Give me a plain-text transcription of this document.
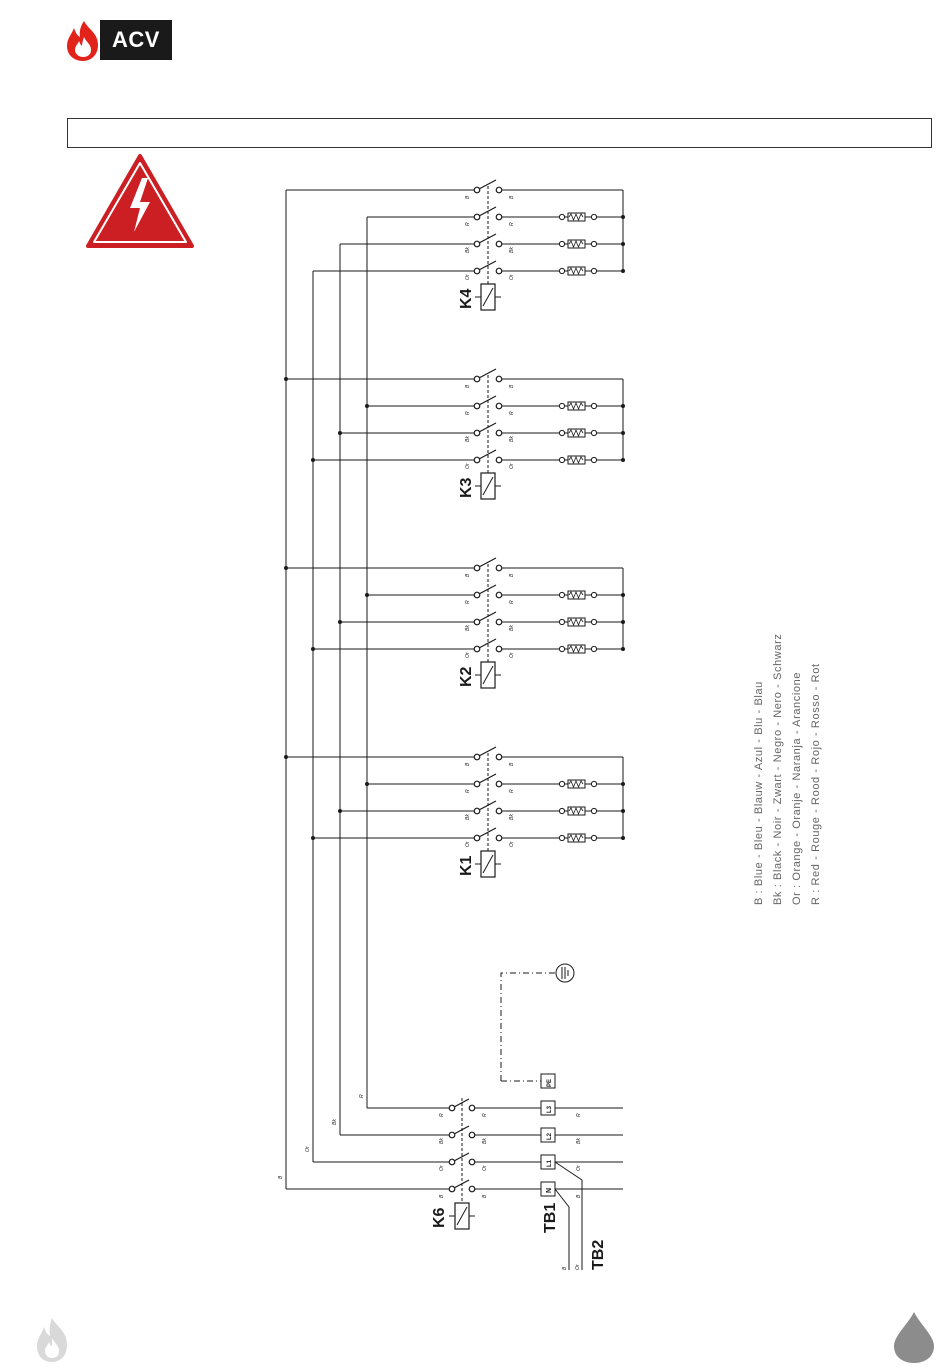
ACV
B	B
R	R
Bk	Bk
Or	Or
B	B
R	R
Bk	Bk
Or	Or
B	B
R	R
Bk	Bk
Or	Or
B	B
R	R
Bk	Bk
Or	Or
K4
K3
K2
K1
R	R	R
R
Bk	Bk	Bk
Bk
Or	Or	Or
Or
B	B	B
B
PE
L3
L2
L1
N
B Or
K6	TB1
TB2
B : Blue - Bleu - Blauw - Azul - Blu - Blau Bk : Black - Noir - Zwart - Negro - Nero - Schwarz Or : Orange - Oranje - Naranja - Arancione R : Red - Rouge - Rood - Rojo - Rosso - Rot
